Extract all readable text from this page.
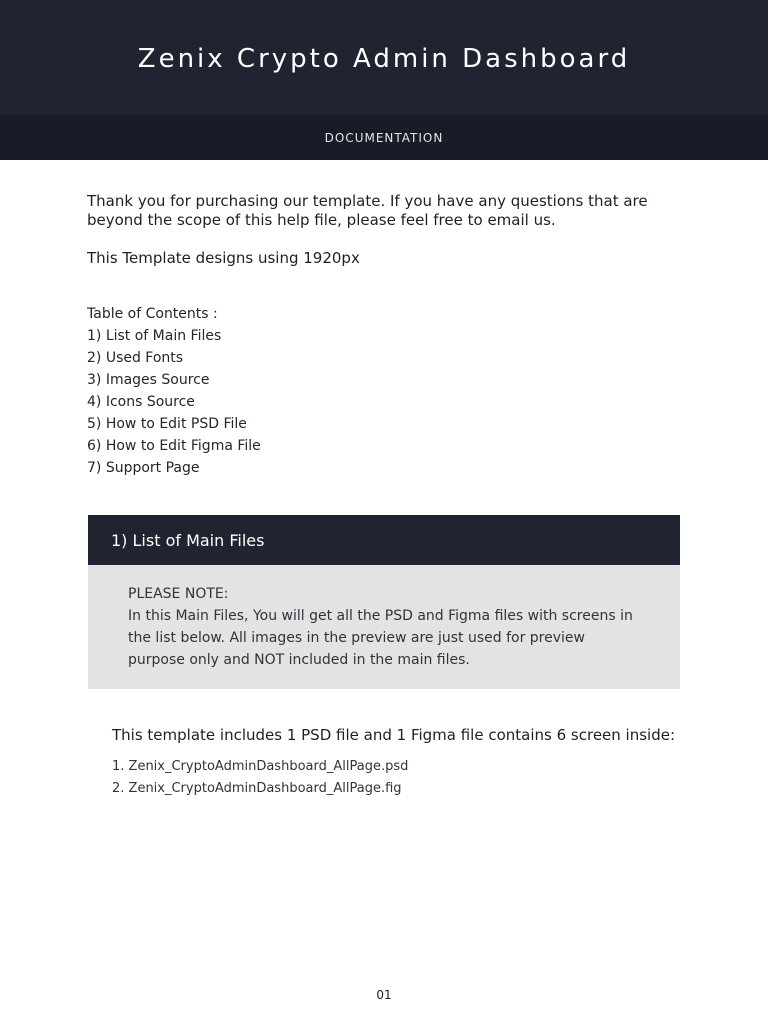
Zenix Crypto Admin Dashboard
DOCUMENTATION

Thank you for purchasing our template. If you have any questions that are beyond the scope of this help file, please feel free to email us.

This Template designs using 1920px

Table of Contents :
1) List of Main Files
2) Used Fonts
3) Images Source
4) Icons Source
5) How to Edit PSD File
6) How to Edit Figma File
7) Support Page
1) List of Main Files
PLEASE NOTE:
In this Main Files, You will get all the PSD and Figma files with screens in the list below. All images in the preview are just used for preview purpose only and NOT included in the main files.

This template includes 1 PSD file and 1 Figma file contains 6 screen inside:

1. Zenix_CryptoAdminDashboard_AllPage.psd
2. Zenix_CryptoAdminDashboard_AllPage.fig
01
